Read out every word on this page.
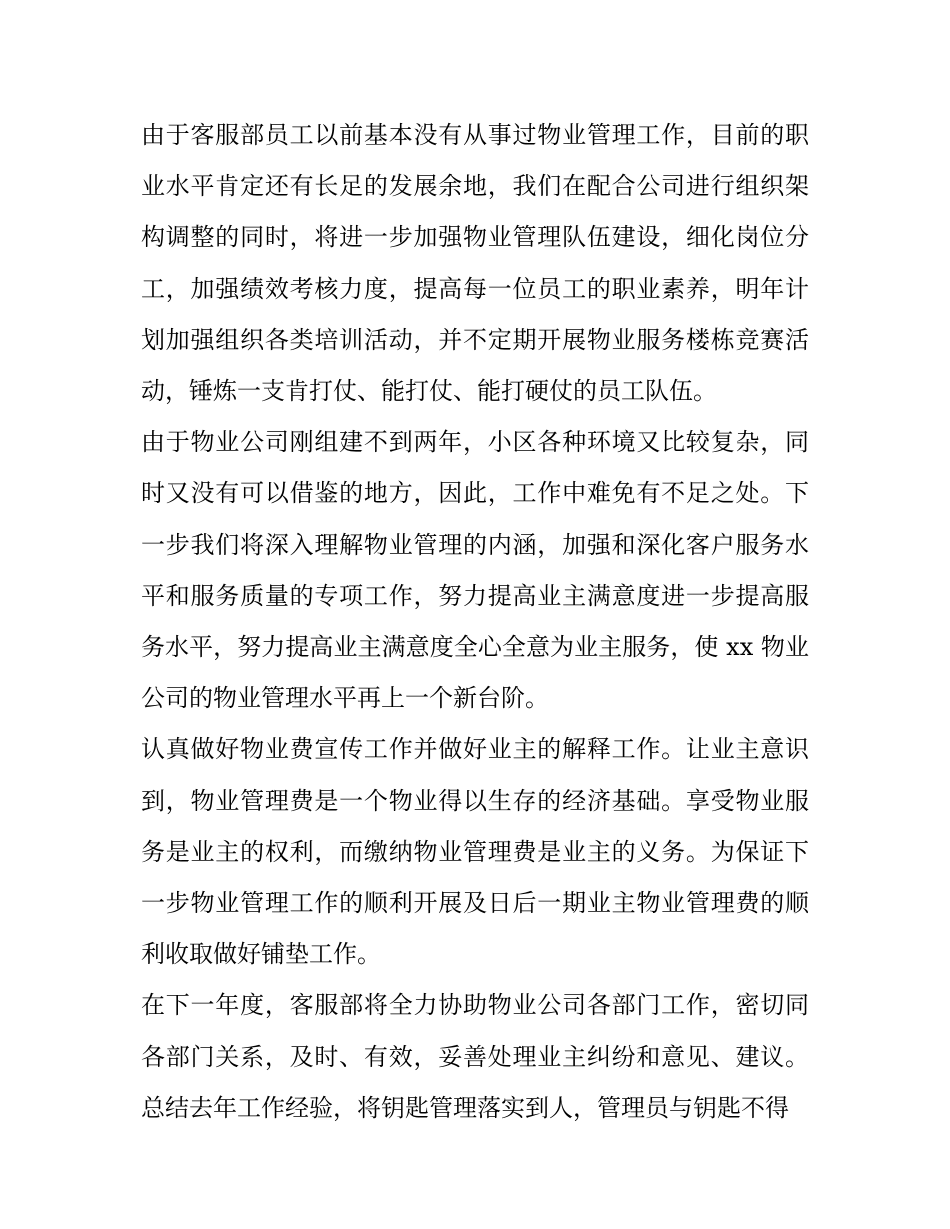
由于客服部员工以前基本没有从事过物业管理工作，目前的职业水平肯定还有长足的发展余地，我们在配合公司进行组织架构调整的同时，将进一步加强物业管理队伍建设，细化岗位分工，加强绩效考核力度，提高每一位员工的职业素养，明年计划加强组织各类培训活动，并不定期开展物业服务楼栋竞赛活动，锤炼一支肯打仗、能打仗、能打硬仗的员工队伍。

由于物业公司刚组建不到两年，小区各种环境又比较复杂，同时又没有可以借鉴的地方，因此，工作中难免有不足之处。下一步我们将深入理解物业管理的内涵，加强和深化客户服务水平和服务质量的专项工作，努力提高业主满意度进一步提高服务水平，努力提高业主满意度全心全意为业主服务，使 xx 物业公司的物业管理水平再上一个新台阶。

认真做好物业费宣传工作并做好业主的解释工作。让业主意识到，物业管理费是一个物业得以生存的经济基础。享受物业服务是业主的权利，而缴纳物业管理费是业主的义务。为保证下一步物业管理工作的顺利开展及日后一期业主物业管理费的顺利收取做好铺垫工作。

在下一年度，客服部将全力协助物业公司各部门工作，密切同各部门关系，及时、有效，妥善处理业主纠纷和意见、建议。总结去年工作经验，将钥匙管理落实到人，管理员与钥匙不得
